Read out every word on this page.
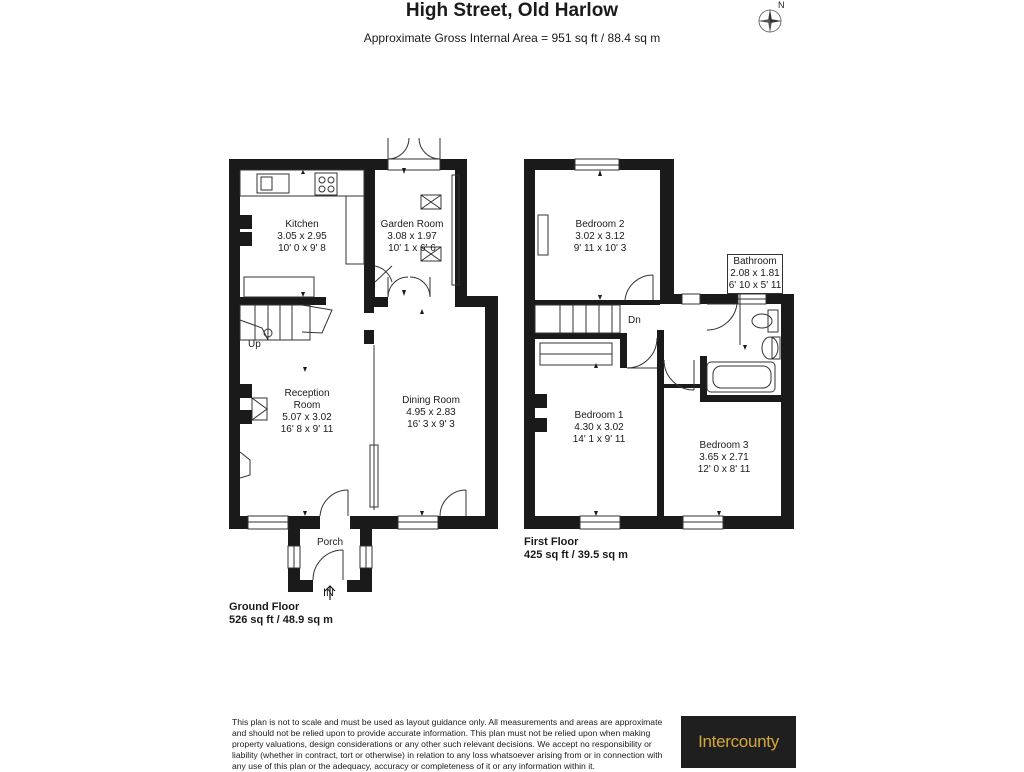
High Street, Old Harlow
Approximate Gross Internal Area = 951 sq ft / 88.4 sq m
N
Kitchen
3.05 x 2.95
10' 0 x 9' 8
Garden Room
3.08 x 1.97
10' 1 x 6' 6
Reception
Room
5.07 x 3.02
16' 8 x 9' 11
Dining Room
4.95 x 2.83
16' 3 x 9' 3
Porch
Up
IN
Ground Floor
526 sq ft / 48.9 sq m
Bedroom 2
3.02 x 3.12
9' 11 x 10' 3
Bathroom
2.08 x 1.81
6' 10 x 5' 11
Bedroom 1
4.30 x 3.02
14' 1 x 9' 11
Bedroom 3
3.65 x 2.71
12' 0 x 8' 11
Dn
First Floor
425 sq ft / 39.5 sq m
This plan is not to scale and must be used as layout guidance only. All measurements and areas are approximate and should not be relied upon to provide accurate information. This plan must not be relied upon when making property valuations, design considerations or any other such relevant decisions. We accept no responsibility or liability (whether in contract, tort or otherwise) in relation to any loss whatsoever arising from or in connection with any use of this plan or the adequacy, accuracy or completeness of it or any information within it.
Intercounty
